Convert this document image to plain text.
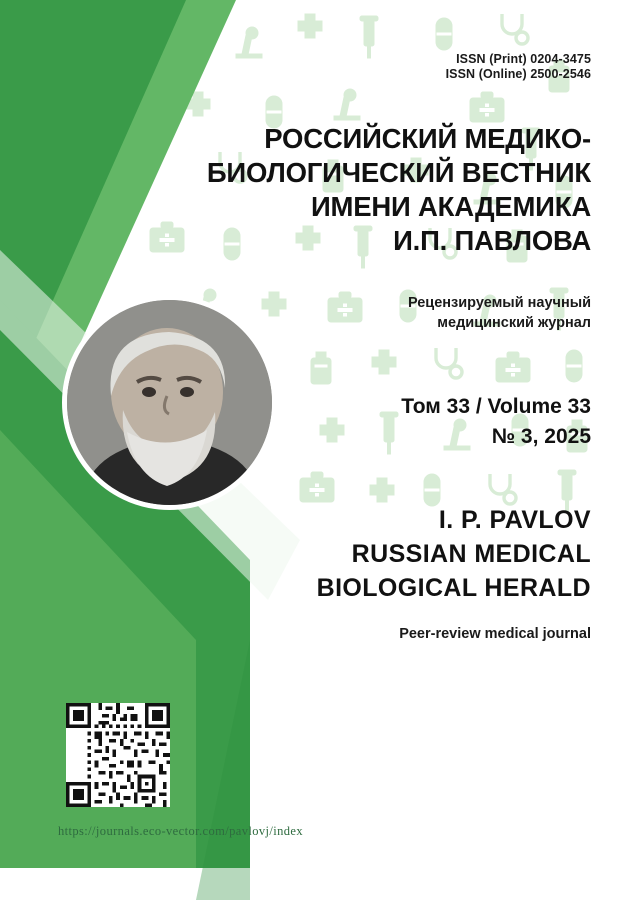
ISSN (Print) 0204-3475
ISSN (Online) 2500-2546
РОССИЙСКИЙ МЕДИКО-
БИОЛОГИЧЕСКИЙ ВЕСТНИК
ИМЕНИ АКАДЕМИКА
И.П. ПАВЛОВА
Рецензируемый научный
медицинский журнал
Том 33 / Volume 33
№ 3, 2025
I. P. PAVLOV
RUSSIAN MEDICAL
BIOLOGICAL HERALD
Peer-review medical journal
https://journals.eco-vector.com/pavlovj/index
